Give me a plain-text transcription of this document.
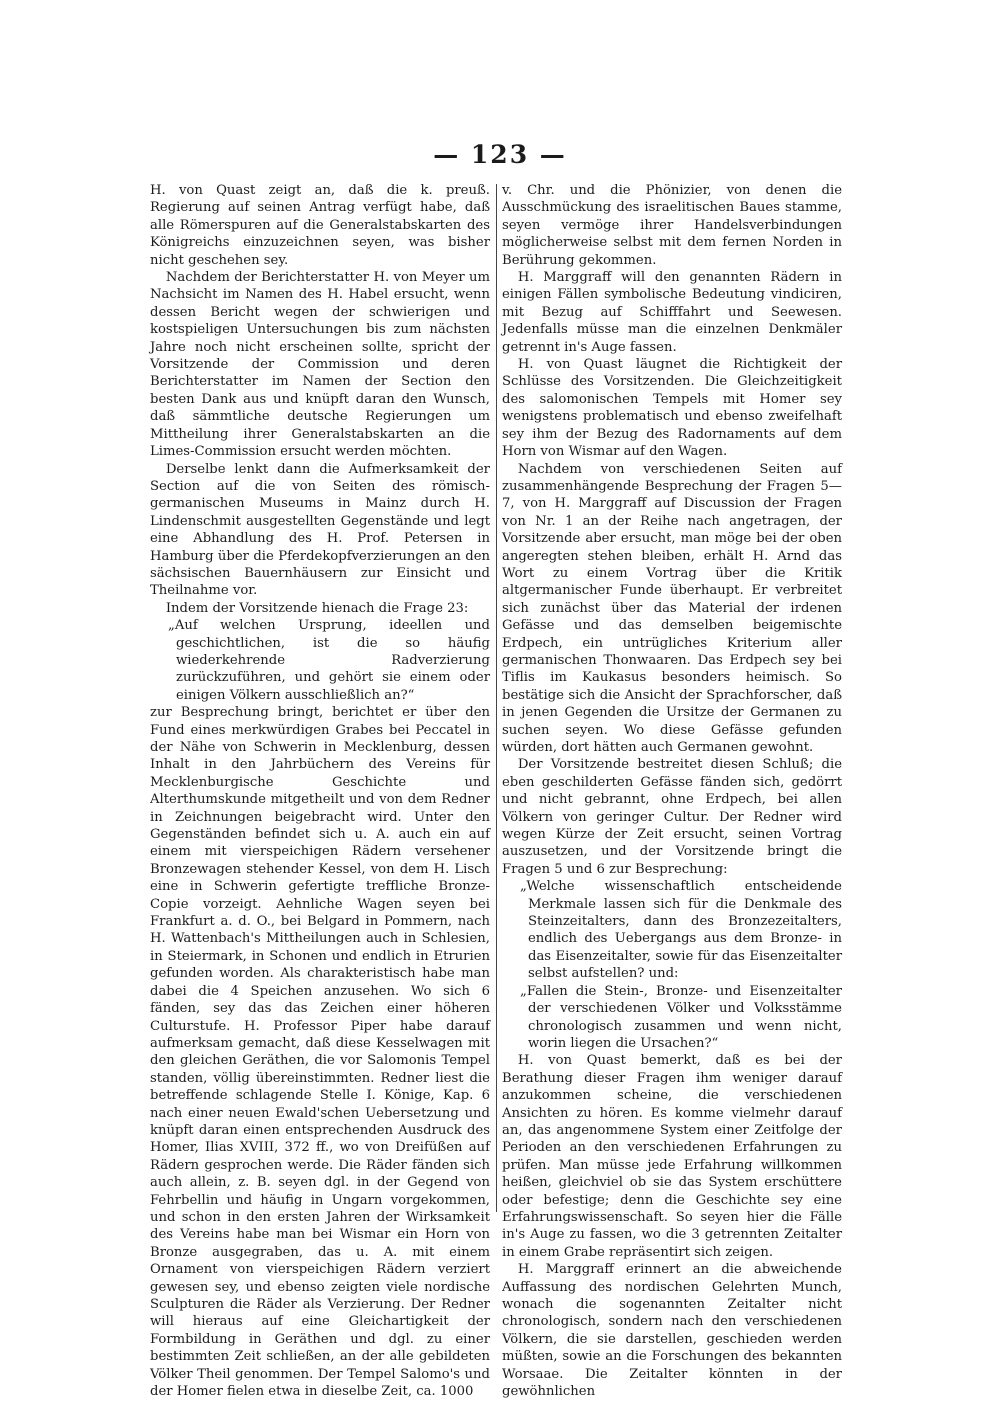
— 123 —

H. von Quast zeigt an, daß die k. preuß. Regierung auf seinen Antrag verfügt habe, daß alle Römerspuren auf die Generalstabskarten des Königreichs einzuzeichnen seyen, was bisher nicht geschehen sey.

Nachdem der Berichterstatter H. von Meyer um Nachsicht im Namen des H. Habel ersucht, wenn dessen Bericht wegen der schwierigen und kostspieligen Untersuchungen bis zum nächsten Jahre noch nicht erscheinen sollte, spricht der Vorsitzende der Commission und deren Berichterstatter im Namen der Section den besten Dank aus und knüpft daran den Wunsch, daß sämmtliche deutsche Regierungen um Mittheilung ihrer Generalstabskarten an die Limes-Commission ersucht werden möchten.

Derselbe lenkt dann die Aufmerksamkeit der Section auf die von Seiten des römisch-germanischen Museums in Mainz durch H. Lindenschmit ausgestellten Gegenstände und legt eine Abhandlung des H. Prof. Petersen in Hamburg über die Pferdekopfverzierungen an den sächsischen Bauernhäusern zur Einsicht und Theilnahme vor.

Indem der Vorsitzende hienach die Frage 23:

„Auf welchen Ursprung, ideellen und geschichtlichen, ist die so häufig wiederkehrende Radverzierung zurückzuführen, und gehört sie einem oder einigen Völkern ausschließlich an?“

zur Besprechung bringt, berichtet er über den Fund eines merkwürdigen Grabes bei Peccatel in der Nähe von Schwerin in Mecklenburg, dessen Inhalt in den Jahrbüchern des Vereins für Mecklenburgische Geschichte und Alterthumskunde mitgetheilt und von dem Redner in Zeichnungen beigebracht wird. Unter den Gegenständen befindet sich u. A. auch ein auf einem mit vierspeichigen Rädern versehener Bronzewagen stehender Kessel, von dem H. Lisch eine in Schwerin gefertigte treffliche Bronze-Copie vorzeigt. Aehnliche Wagen seyen bei Frankfurt a. d. O., bei Belgard in Pommern, nach H. Wattenbach's Mittheilungen auch in Schlesien, in Steiermark, in Schonen und endlich in Etrurien gefunden worden. Als charakteristisch habe man dabei die 4 Speichen anzusehen. Wo sich 6 fänden, sey das das Zeichen einer höheren Culturstufe. H. Professor Piper habe darauf aufmerksam gemacht, daß diese Kesselwagen mit den gleichen Geräthen, die vor Salomonis Tempel standen, völlig übereinstimmten. Redner liest die betreffende schlagende Stelle I. Könige, Kap. 6 nach einer neuen Ewald'schen Uebersetzung und knüpft daran einen entsprechenden Ausdruck des Homer, Ilias XVIII, 372 ff., wo von Dreifüßen auf Rädern gesprochen werde. Die Räder fänden sich auch allein, z. B. seyen dgl. in der Gegend von Fehrbellin und häufig in Ungarn vorgekommen, und schon in den ersten Jahren der Wirksamkeit des Vereins habe man bei Wismar ein Horn von Bronze ausgegraben, das u. A. mit einem Ornament von vierspeichigen Rädern verziert gewesen sey, und ebenso zeigten viele nordische Sculpturen die Räder als Verzierung. Der Redner will hieraus auf eine Gleichartigkeit der Formbildung in Geräthen und dgl. zu einer bestimmten Zeit schließen, an der alle gebildeten Völker Theil genommen. Der Tempel Salomo's und der Homer fielen etwa in dieselbe Zeit, ca. 1000

v. Chr. und die Phönizier, von denen die Ausschmückung des israelitischen Baues stamme, seyen vermöge ihrer Handelsverbindungen möglicherweise selbst mit dem fernen Norden in Berührung gekommen.

H. Marggraff will den genannten Rädern in einigen Fällen symbolische Bedeutung vindiciren, mit Bezug auf Schifffahrt und Seewesen. Jedenfalls müsse man die einzelnen Denkmäler getrennt in's Auge fassen.

H. von Quast läugnet die Richtigkeit der Schlüsse des Vorsitzenden. Die Gleichzeitigkeit des salomonischen Tempels mit Homer sey wenigstens problematisch und ebenso zweifelhaft sey ihm der Bezug des Radornaments auf dem Horn von Wismar auf den Wagen.

Nachdem von verschiedenen Seiten auf zusammenhängende Besprechung der Fragen 5—7, von H. Marggraff auf Discussion der Fragen von Nr. 1 an der Reihe nach angetragen, der Vorsitzende aber ersucht, man möge bei der oben angeregten stehen bleiben, erhält H. Arnd das Wort zu einem Vortrag über die Kritik altgermanischer Funde überhaupt. Er verbreitet sich zunächst über das Material der irdenen Gefässe und das demselben beigemischte Erdpech, ein untrügliches Kriterium aller germanischen Thonwaaren. Das Erdpech sey bei Tiflis im Kaukasus besonders heimisch. So bestätige sich die Ansicht der Sprachforscher, daß in jenen Gegenden die Ursitze der Germanen zu suchen seyen. Wo diese Gefässe gefunden würden, dort hätten auch Germanen gewohnt.

Der Vorsitzende bestreitet diesen Schluß; die eben geschilderten Gefässe fänden sich, gedörrt und nicht gebrannt, ohne Erdpech, bei allen Völkern von geringer Cultur. Der Redner wird wegen Kürze der Zeit ersucht, seinen Vortrag auszusetzen, und der Vorsitzende bringt die Fragen 5 und 6 zur Besprechung:

„Welche wissenschaftlich entscheidende Merkmale lassen sich für die Denkmale des Steinzeitalters, dann des Bronzezeitalters, endlich des Uebergangs aus dem Bronze- in das Eisenzeitalter, sowie für das Eisenzeitalter selbst aufstellen? und:

„Fallen die Stein-, Bronze- und Eisenzeitalter der verschiedenen Völker und Volksstämme chronologisch zusammen und wenn nicht, worin liegen die Ursachen?“

H. von Quast bemerkt, daß es bei der Berathung dieser Fragen ihm weniger darauf anzukommen scheine, die verschiedenen Ansichten zu hören. Es komme vielmehr darauf an, das angenommene System einer Zeitfolge der Perioden an den verschiedenen Erfahrungen zu prüfen. Man müsse jede Erfahrung willkommen heißen, gleichviel ob sie das System erschüttere oder befestige; denn die Geschichte sey eine Erfahrungswissenschaft. So seyen hier die Fälle in's Auge zu fassen, wo die 3 getrennten Zeitalter in einem Grabe repräsentirt sich zeigen.

H. Marggraff erinnert an die abweichende Auffassung des nordischen Gelehrten Munch, wonach die sogenannten Zeitalter nicht chronologisch, sondern nach den verschiedenen Völkern, die sie darstellen, geschieden werden müßten, sowie an die Forschungen des bekannten Worsaae. Die Zeitalter könnten in der gewöhnlichen
